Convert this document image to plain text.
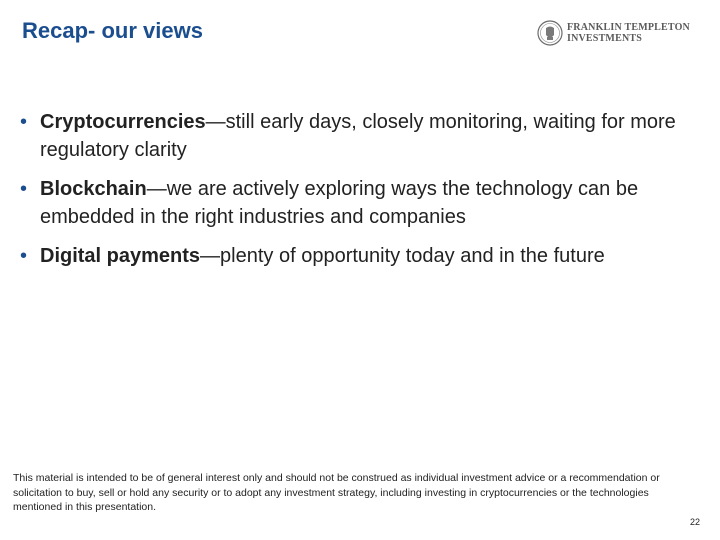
Recap- our views	FRANKLIN TEMPLETON
INVESTMENTS
• Cryptocurrencies—still early days, closely monitoring, waiting for more regulatory clarity
• Blockchain—we are actively exploring ways the technology can be embedded in the right industries and companies
• Digital payments—plenty of opportunity today and in the future
This material is intended to be of general interest only and should not be construed as individual investment advice or a recommendation or solicitation to buy, sell or hold any security or to adopt any investment strategy, including investing in cryptocurrencies or the technologies mentioned in this presentation.
22
